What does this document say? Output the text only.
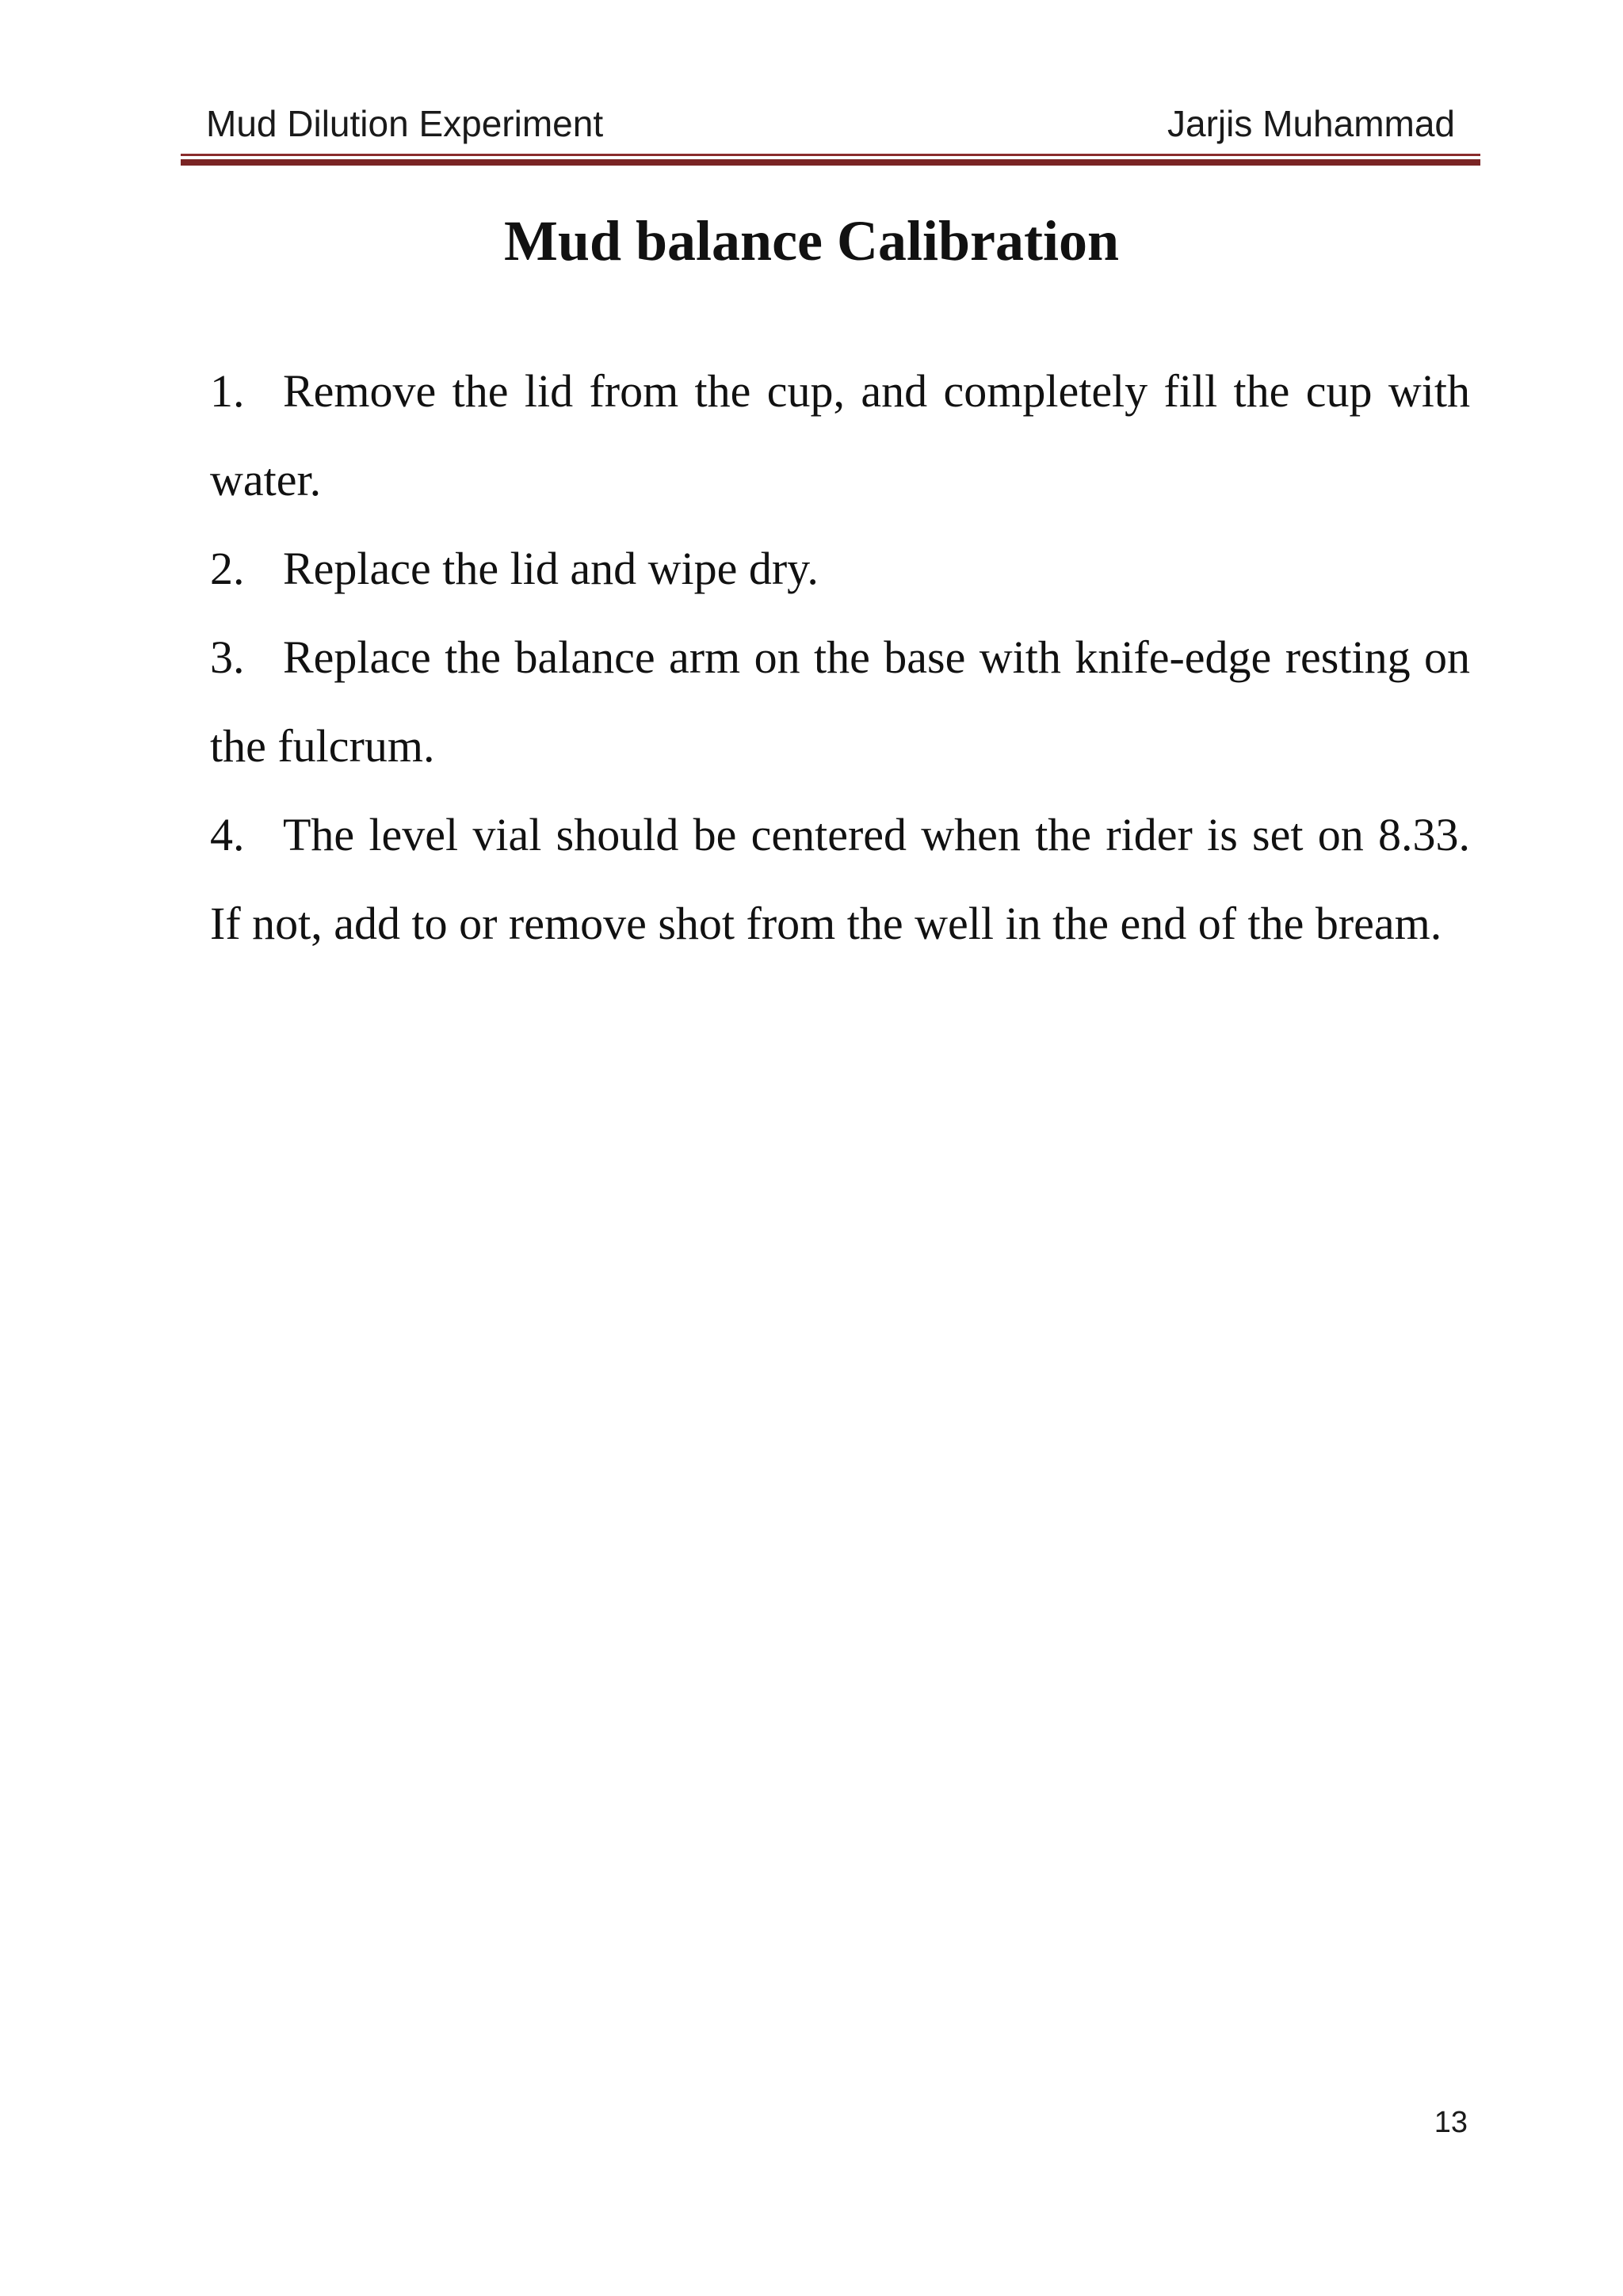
Mud Dilution Experiment	Jarjis Muhammad
Mud balance Calibration

1. Remove the lid from the cup, and completely fill the cup with water.

2. Replace the lid and wipe dry.

3. Replace the balance arm on the base with knife-edge resting on the fulcrum.

4. The level vial should be centered when the rider is set on 8.33. If not, add to or remove shot from the well in the end of the bream.

13
